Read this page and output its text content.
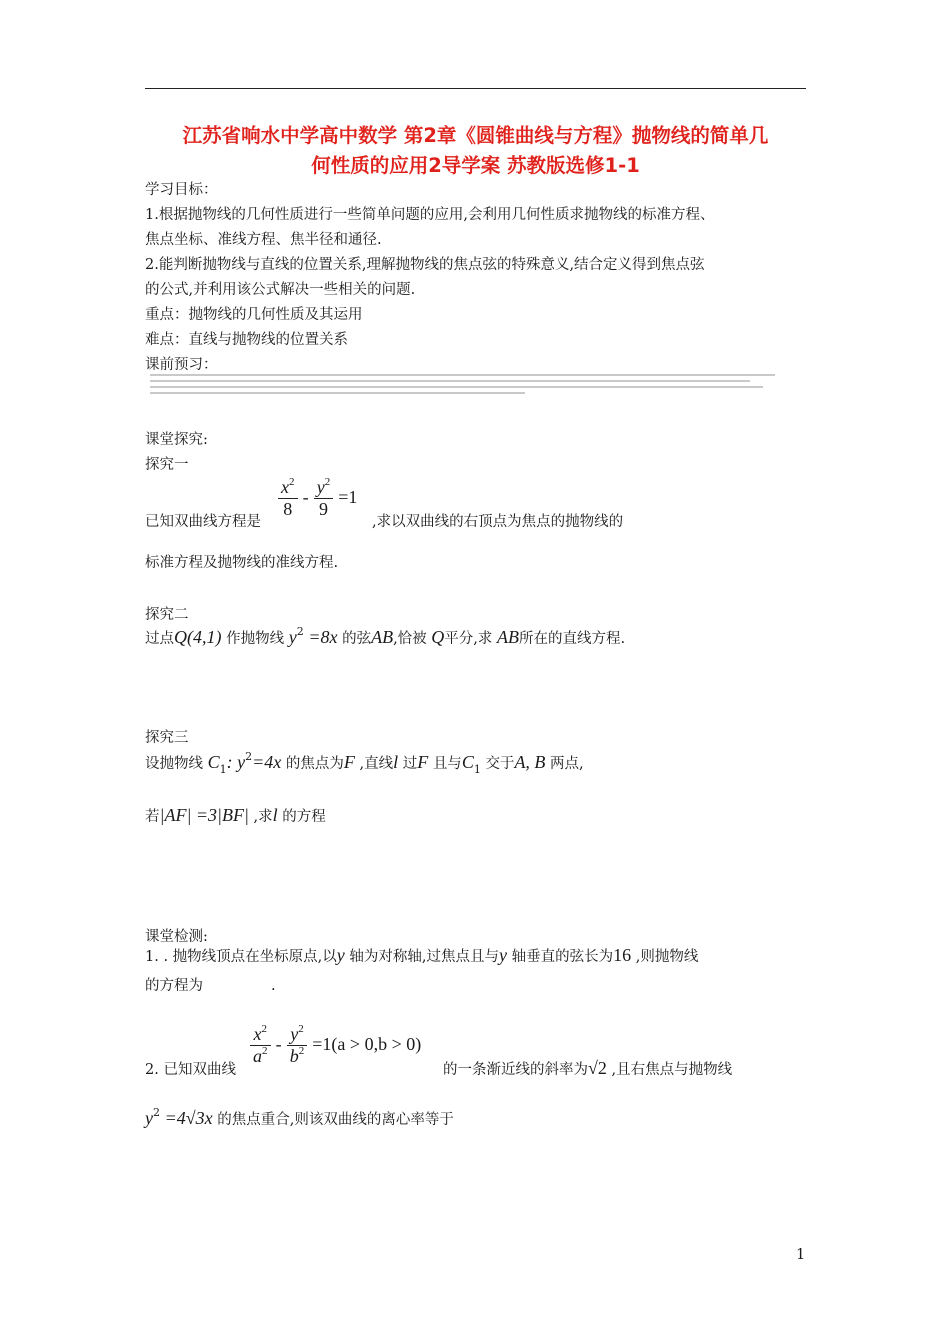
江苏省响水中学高中数学 第2章《圆锥曲线与方程》抛物线的简单几
何性质的应用2导学案 苏教版选修1-1
学习目标：
1.根据抛物线的几何性质进行一些简单问题的应用,会利用几何性质求抛物线的标准方程、
焦点坐标、准线方程、焦半径和通径.
2.能判断抛物线与直线的位置关系,理解抛物线的焦点弦的特殊意义,结合定义得到焦点弦
的公式,并利用该公式解决一些相关的问题.
重点：抛物线的几何性质及其运用
难点：直线与抛物线的位置关系
课前预习：
课堂探究:
探究一
已知双曲线方程是
$\frac{x^2}{8} - \frac{y^2}{9} =1$
,求以双曲线的右顶点为焦点的抛物线的
标准方程及抛物线的准线方程.
探究二
过点Q(4,1) 作抛物线 $y^2 =8x$ 的弦AB,恰被 Q平分,求 AB所在的直线方程.
探究三
设抛物线 $C_1$: $y^2=4x$ 的焦点为F ,直线l 过F 且与$C_1$ 交于A, B 两点,
若|AF| =3|BF| ,求l 的方程
课堂检测:
1. . 抛物线顶点在坐标原点,以y 轴为对称轴,过焦点且与y 轴垂直的弦长为16 ,则抛物线
的方程为	.
2. 已知双曲线
$\frac{x^2}{a^2} - \frac{y^2}{b^2} =1(a > 0,b > 0)$
的一条渐近线的斜率为√2 ,且右焦点与抛物线
$y^2 =4√3x$ 的焦点重合,则该双曲线的离心率等于
1
